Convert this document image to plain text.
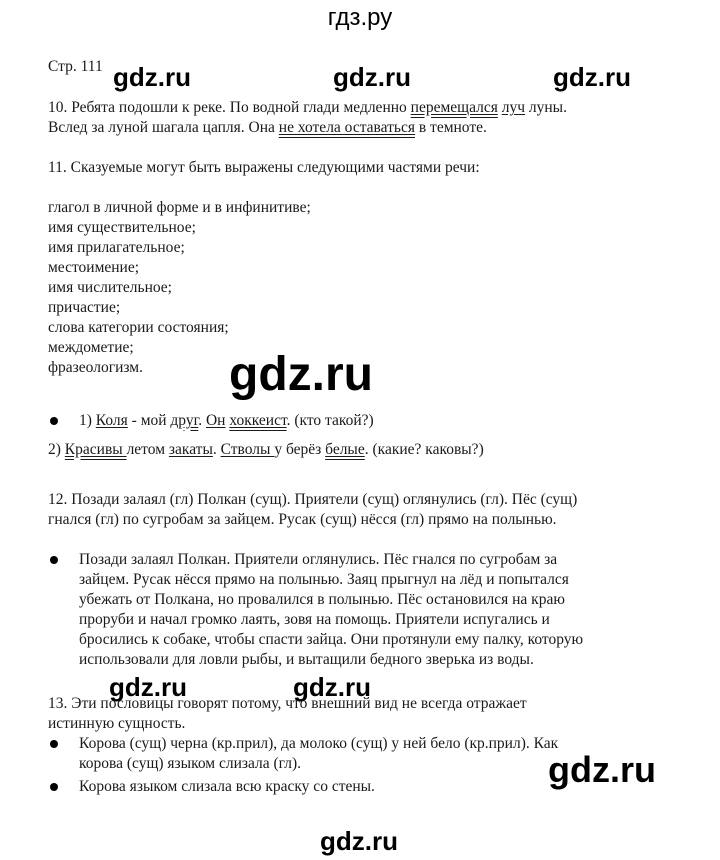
гдз.ру
Стр. 111 gdz.ru	gdz.ru	gdz.ru
10. Ребята подошли к реке. По водной глади медленно перемещался луч луны.
Вслед за луной шагала цапля. Она не хотела оставаться в темноте.
11. Сказуемые могут быть выражены следующими частями речи:
глагол в личной форме и в инфинитиве;
имя существительное;
имя прилагательное;
местоимение;
имя числительное;
причастие;
слова категории состояния;
междометие;
фразеологизм.	gdz.ru
1) Коля - мой друг. Он хоккеист. (кто такой?)
2) Красивы летом закаты. Стволы у берёз белые. (какие? каковы?)
12. Позади залаял (гл) Полкан (сущ). Приятели (сущ) оглянулись (гл). Пёс (сущ)
гнался (гл) по сугробам за зайцем. Русак (сущ) нёсся (гл) прямо на полынью.
Позади залаял Полкан. Приятели оглянулись. Пёс гнался по сугробам за
зайцем. Русак нёсся прямо на полынью. Заяц прыгнул на лёд и попытался
убежать от Полкана, но провалился в полынью. Пёс остановился на краю
проруби и начал громко лаять, зовя на помощь. Приятели испугались и
бросились к собаке, чтобы спасти зайца. Они протянули ему палку, которую
использовали для ловли рыбы, и вытащили бедного зверька из воды.
gdz.ru	gdz.ru
13. Эти пословицы говорят потому, что внешний вид не всегда отражает
истинную сущность.
Корова (сущ) черна (кр.прил), да молоко (сущ) у ней бело (кр.прил). Как
корова (сущ) языком слизала (гл).	gdz.ru
Корова языком слизала всю краску со стены.
gdz.ru
